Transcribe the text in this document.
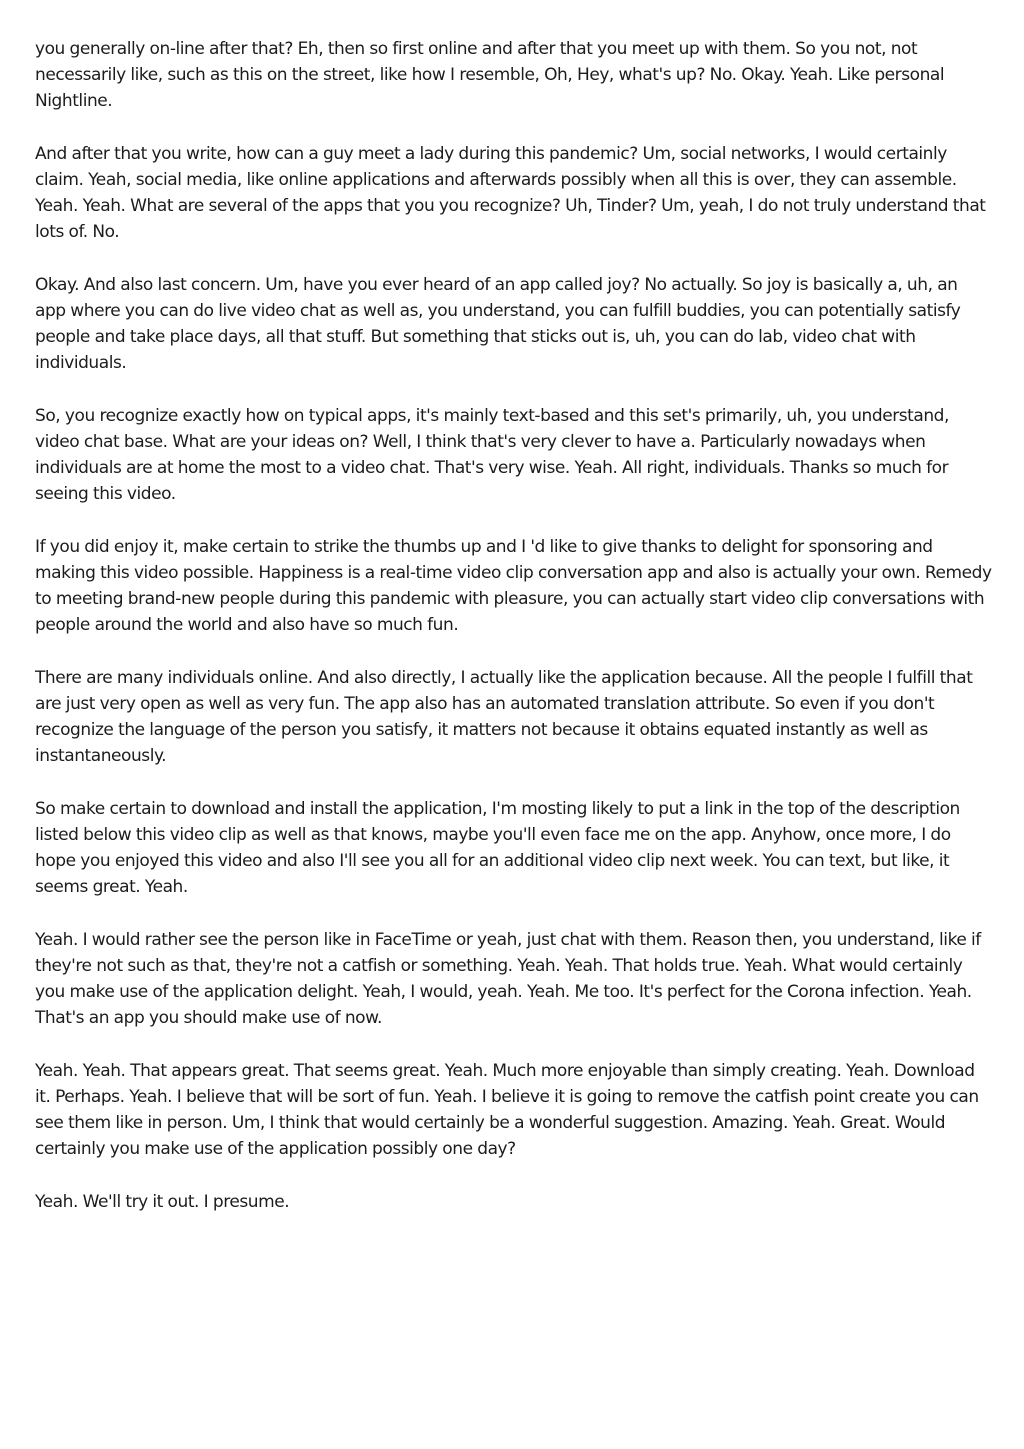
you generally on-line after that? Eh, then so first online and after that you meet up with them. So you not, not necessarily like, such as this on the street, like how I resemble, Oh, Hey, what's up? No. Okay. Yeah. Like personal Nightline.

And after that you write, how can a guy meet a lady during this pandemic? Um, social networks, I would certainly claim. Yeah, social media, like online applications and afterwards possibly when all this is over, they can assemble. Yeah. Yeah. What are several of the apps that you you recognize? Uh, Tinder? Um, yeah, I do not truly understand that lots of. No.

Okay. And also last concern. Um, have you ever heard of an app called joy? No actually. So joy is basically a, uh, an app where you can do live video chat as well as, you understand, you can fulfill buddies, you can potentially satisfy people and take place days, all that stuff. But something that sticks out is, uh, you can do lab, video chat with individuals.

So, you recognize exactly how on typical apps, it's mainly text-based and this set's primarily, uh, you understand, video chat base. What are your ideas on? Well, I think that's very clever to have a. Particularly nowadays when individuals are at home the most to a video chat. That's very wise. Yeah. All right, individuals. Thanks so much for seeing this video.

If you did enjoy it, make certain to strike the thumbs up and I 'd like to give thanks to delight for sponsoring and making this video possible. Happiness is a real-time video clip conversation app and also is actually your own. Remedy to meeting brand-new people during this pandemic with pleasure, you can actually start video clip conversations with people around the world and also have so much fun.

There are many individuals online. And also directly, I actually like the application because. All the people I fulfill that are just very open as well as very fun. The app also has an automated translation attribute. So even if you don't recognize the language of the person you satisfy, it matters not because it obtains equated instantly as well as instantaneously.

So make certain to download and install the application, I'm mosting likely to put a link in the top of the description listed below this video clip as well as that knows, maybe you'll even face me on the app. Anyhow, once more, I do hope you enjoyed this video and also I'll see you all for an additional video clip next week. You can text, but like, it seems great. Yeah.

Yeah. I would rather see the person like in FaceTime or yeah, just chat with them. Reason then, you understand, like if they're not such as that, they're not a catfish or something. Yeah. Yeah. That holds true. Yeah. What would certainly you make use of the application delight. Yeah, I would, yeah. Yeah. Me too. It's perfect for the Corona infection. Yeah. That's an app you should make use of now.

Yeah. Yeah. That appears great. That seems great. Yeah. Much more enjoyable than simply creating. Yeah. Download it. Perhaps. Yeah. I believe that will be sort of fun. Yeah. I believe it is going to remove the catfish point create you can see them like in person. Um, I think that would certainly be a wonderful suggestion. Amazing. Yeah. Great. Would certainly you make use of the application possibly one day?

Yeah. We'll try it out. I presume.
